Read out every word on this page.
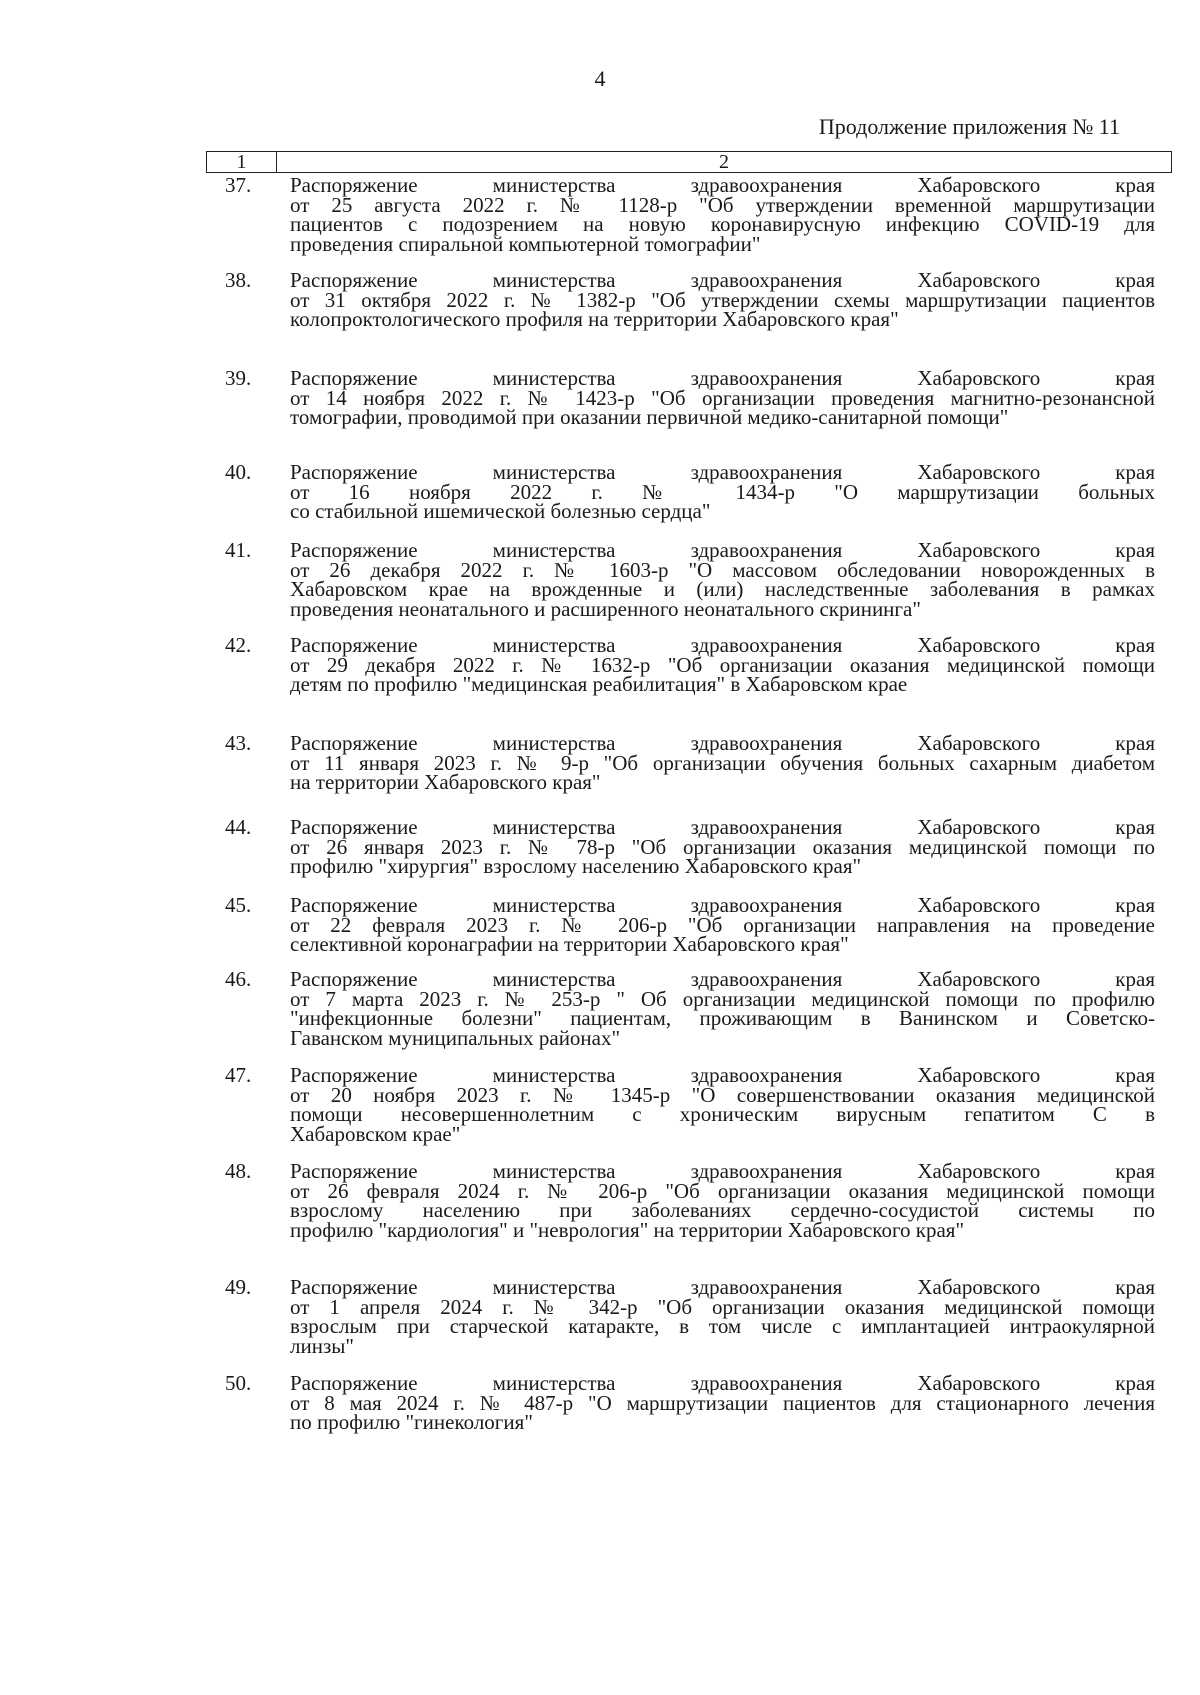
4
Продолжение приложения № 11
1	2
37.	Распоряжение министерства здравоохранения Хабаровского края
от 25 августа 2022 г. № 1128-р "Об утверждении временной маршрутизации
пациентов с подозрением на новую коронавирусную инфекцию COVID-19 для
проведения спиральной компьютерной томографии"
38.	Распоряжение министерства здравоохранения Хабаровского края
от 31 октября 2022 г. № 1382-р "Об утверждении схемы маршрутизации пациентов
колопроктологического профиля на территории Хабаровского края"
39.	Распоряжение министерства здравоохранения Хабаровского края
от 14 ноября 2022 г. № 1423-р "Об организации проведения магнитно-резонансной
томографии, проводимой при оказании первичной медико-санитарной помощи"
40.	Распоряжение министерства здравоохранения Хабаровского края
от 16 ноября 2022 г. № 1434-р "О маршрутизации больных
со стабильной ишемической болезнью сердца"
41.	Распоряжение министерства здравоохранения Хабаровского края
от 26 декабря 2022 г. № 1603-р "О массовом обследовании новорожденных в
Хабаровском крае на врожденные и (или) наследственные заболевания в рамках
проведения неонатального и расширенного неонатального скрининга"
42.	Распоряжение министерства здравоохранения Хабаровского края
от 29 декабря 2022 г. № 1632-р "Об организации оказания медицинской помощи
детям по профилю "медицинская реабилитация" в Хабаровском крае
43.	Распоряжение министерства здравоохранения Хабаровского края
от 11 января 2023 г. № 9-р "Об организации обучения больных сахарным диабетом
на территории Хабаровского края"
44.	Распоряжение министерства здравоохранения Хабаровского края
от 26 января 2023 г. № 78-р "Об организации оказания медицинской помощи по
профилю "хирургия" взрослому населению Хабаровского края"
45.	Распоряжение министерства здравоохранения Хабаровского края
от 22 февраля 2023 г. № 206-р "Об организации направления на проведение
селективной коронаграфии на территории Хабаровского края"
46.	Распоряжение министерства здравоохранения Хабаровского края
от 7 марта 2023 г. № 253-р " Об организации медицинской помощи по профилю
"инфекционные болезни" пациентам, проживающим в Ванинском и Советско-
Гаванском муниципальных районах"
47.	Распоряжение министерства здравоохранения Хабаровского края
от 20 ноября 2023 г. № 1345-р "О совершенствовании оказания медицинской
помощи несовершеннолетним с хроническим вирусным гепатитом С в
Хабаровском крае"
48.	Распоряжение министерства здравоохранения Хабаровского края
от 26 февраля 2024 г. № 206-р "Об организации оказания медицинской помощи
взрослому населению при заболеваниях сердечно-сосудистой системы по
профилю "кардиология" и "неврология" на территории Хабаровского края"
49.	Распоряжение министерства здравоохранения Хабаровского края
от 1 апреля 2024 г. № 342-р "Об организации оказания медицинской помощи
взрослым при старческой катаракте, в том числе с имплантацией интраокулярной
линзы"
50.	Распоряжение министерства здравоохранения Хабаровского края
от 8 мая 2024 г. № 487-р "О маршрутизации пациентов для стационарного лечения
по профилю "гинекология"
